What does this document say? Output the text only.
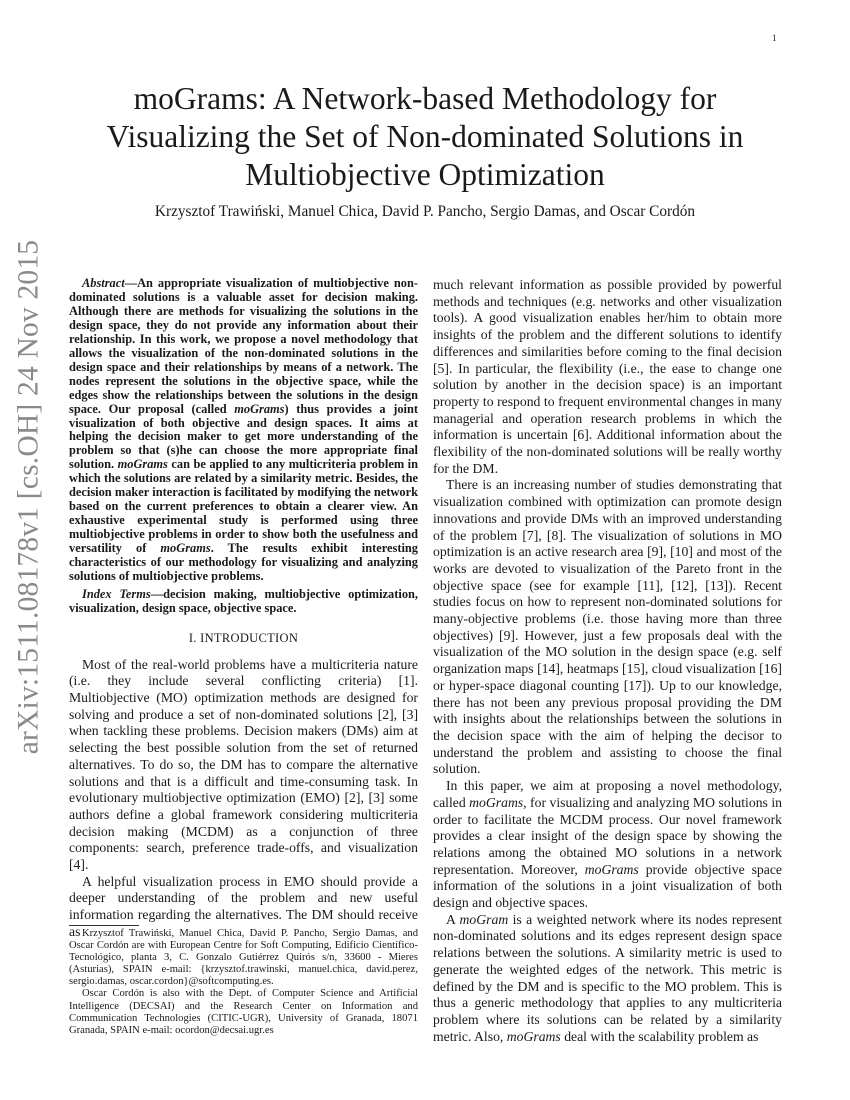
1
arXiv:1511.08178v1 [cs.OH] 24 Nov 2015
moGrams: A Network-based Methodology for
Visualizing the Set of Non-dominated Solutions in
Multiobjective Optimization
Krzysztof Trawiński, Manuel Chica, David P. Pancho, Sergio Damas, and Oscar Cordón

Abstract—An appropriate visualization of multiobjective non-dominated solutions is a valuable asset for decision making. Although there are methods for visualizing the solutions in the design space, they do not provide any information about their relationship. In this work, we propose a novel methodology that allows the visualization of the non-dominated solutions in the design space and their relationships by means of a network. The nodes represent the solutions in the objective space, while the edges show the relationships between the solutions in the design space. Our proposal (called moGrams) thus provides a joint visualization of both objective and design spaces. It aims at helping the decision maker to get more understanding of the problem so that (s)he can choose the more appropriate final solution. moGrams can be applied to any multicriteria problem in which the solutions are related by a similarity metric. Besides, the decision maker interaction is facilitated by modifying the network based on the current preferences to obtain a clearer view. An exhaustive experimental study is performed using three multiobjective problems in order to show both the usefulness and versatility of moGrams. The results exhibit interesting characteristics of our methodology for visualizing and analyzing solutions of multiobjective problems.

Index Terms—decision making, multiobjective optimization, visualization, design space, objective space.

I. INTRODUCTION

Most of the real-world problems have a multicriteria nature (i.e. they include several conflicting criteria) [1]. Multiobjective (MO) optimization methods are designed for solving and produce a set of non-dominated solutions [2], [3] when tackling these problems. Decision makers (DMs) aim at selecting the best possible solution from the set of returned alternatives. To do so, the DM has to compare the alternative solutions and that is a difficult and time-consuming task. In evolutionary multiobjective optimization (EMO) [2], [3] some authors define a global framework considering multicriteria decision making (MCDM) as a conjunction of three components: search, preference trade-offs, and visualization [4].

A helpful visualization process in EMO should provide a deeper understanding of the problem and new useful information regarding the alternatives. The DM should receive as Krzysztof Trawiński, Manuel Chica, David P. Pancho, Sergio Damas, and Oscar Cordón are with European Centre for Soft Computing, Edificio Científico-Tecnológico, planta 3, C. Gonzalo Gutiérrez Quirós s/n, 33600 - Mieres (Asturias), SPAIN e-mail: {krzysztof.trawinski, manuel.chica, david.perez, sergio.damas, oscar.cordon}@softcomputing.es.

Oscar Cordón is also with the Dept. of Computer Science and Artificial Intelligence (DECSAI) and the Research Center on Information and Communication Technologies (CITIC-UGR), University of Granada, 18071 Granada, SPAIN e-mail: ocordon@decsai.ugr.es

much relevant information as possible provided by powerful methods and techniques (e.g. networks and other visualization tools). A good visualization enables her/him to obtain more insights of the problem and the different solutions to identify differences and similarities before coming to the final decision [5]. In particular, the flexibility (i.e., the ease to change one solution by another in the decision space) is an important property to respond to frequent environmental changes in many managerial and operation research problems in which the information is uncertain [6]. Additional information about the flexibility of the non-dominated solutions will be really worthy for the DM.

There is an increasing number of studies demonstrating that visualization combined with optimization can promote design innovations and provide DMs with an improved understanding of the problem [7], [8]. The visualization of solutions in MO optimization is an active research area [9], [10] and most of the works are devoted to visualization of the Pareto front in the objective space (see for example [11], [12], [13]). Recent studies focus on how to represent non-dominated solutions for many-objective problems (i.e. those having more than three objectives) [9]. However, just a few proposals deal with the visualization of the MO solution in the design space (e.g. self organization maps [14], heatmaps [15], cloud visualization [16] or hyper-space diagonal counting [17]). Up to our knowledge, there has not been any previous proposal providing the DM with insights about the relationships between the solutions in the decision space with the aim of helping the decisor to understand the problem and assisting to choose the final solution.

In this paper, we aim at proposing a novel methodology, called moGrams, for visualizing and analyzing MO solutions in order to facilitate the MCDM process. Our novel framework provides a clear insight of the design space by showing the relations among the obtained MO solutions in a network representation. Moreover, moGrams provide objective space information of the solutions in a joint visualization of both design and objective spaces.

A moGram is a weighted network where its nodes represent non-dominated solutions and its edges represent design space relations between the solutions. A similarity metric is used to generate the weighted edges of the network. This metric is defined by the DM and is specific to the MO problem. This is thus a generic methodology that applies to any multicriteria problem where its solutions can be related by a similarity metric. Also, moGrams deal with the scalability problem as
